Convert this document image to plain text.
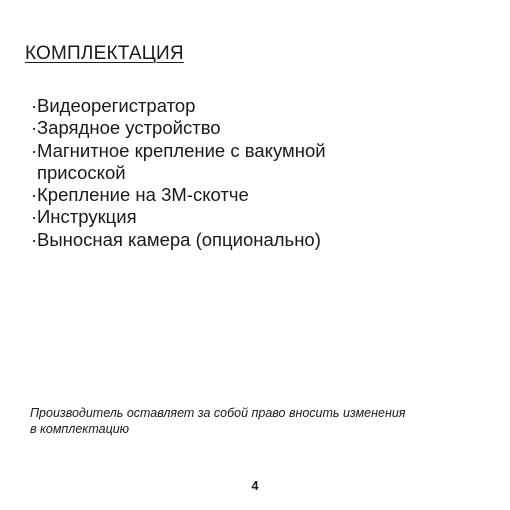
КОМПЛЕКТАЦИЯ
· Видеорегистратор
· Зарядное устройство
· Магнитное крепление с вакумной присоской
· Крепление на 3М-скотче
· Инструкция
· Выносная камера (опционально)

Производитель оставляет за собой право вносить изменения в комплектацию

4
